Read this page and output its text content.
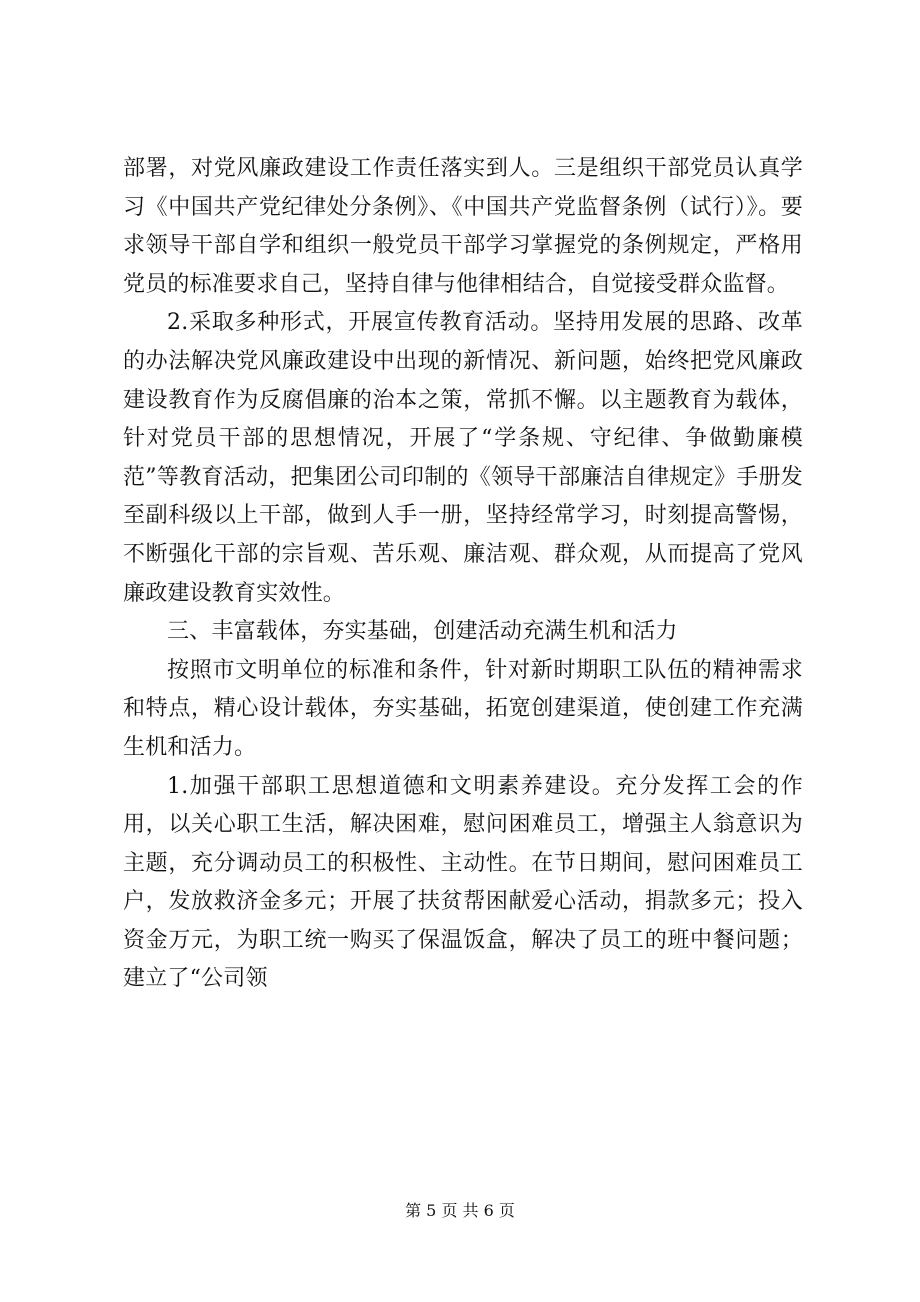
部署，对党风廉政建设工作责任落实到人。三是组织干部党员认真学习《中国共产党纪律处分条例》、《中国共产党监督条例（试行）》。要求领导干部自学和组织一般党员干部学习掌握党的条例规定，严格用党员的标准要求自己，坚持自律与他律相结合，自觉接受群众监督。

2.采取多种形式，开展宣传教育活动。坚持用发展的思路、改革的办法解决党风廉政建设中出现的新情况、新问题，始终把党风廉政建设教育作为反腐倡廉的治本之策，常抓不懈。以主题教育为载体，针对党员干部的思想情况，开展了“学条规、守纪律、争做勤廉模范”等教育活动，把集团公司印制的《领导干部廉洁自律规定》手册发至副科级以上干部，做到人手一册，坚持经常学习，时刻提高警惕，不断强化干部的宗旨观、苦乐观、廉洁观、群众观，从而提高了党风廉政建设教育实效性。

三、丰富载体，夯实基础，创建活动充满生机和活力

按照市文明单位的标准和条件，针对新时期职工队伍的精神需求和特点，精心设计载体，夯实基础，拓宽创建渠道，使创建工作充满生机和活力。

1.加强干部职工思想道德和文明素养建设。充分发挥工会的作用，以关心职工生活，解决困难，慰问困难员工，增强主人翁意识为主题，充分调动员工的积极性、主动性。在节日期间，慰问困难员工户，发放救济金多元；开展了扶贫帮困献爱心活动，捐款多元；投入资金万元，为职工统一购买了保温饭盒，解决了员工的班中餐问题；建立了“公司领

第 5 页 共 6 页
